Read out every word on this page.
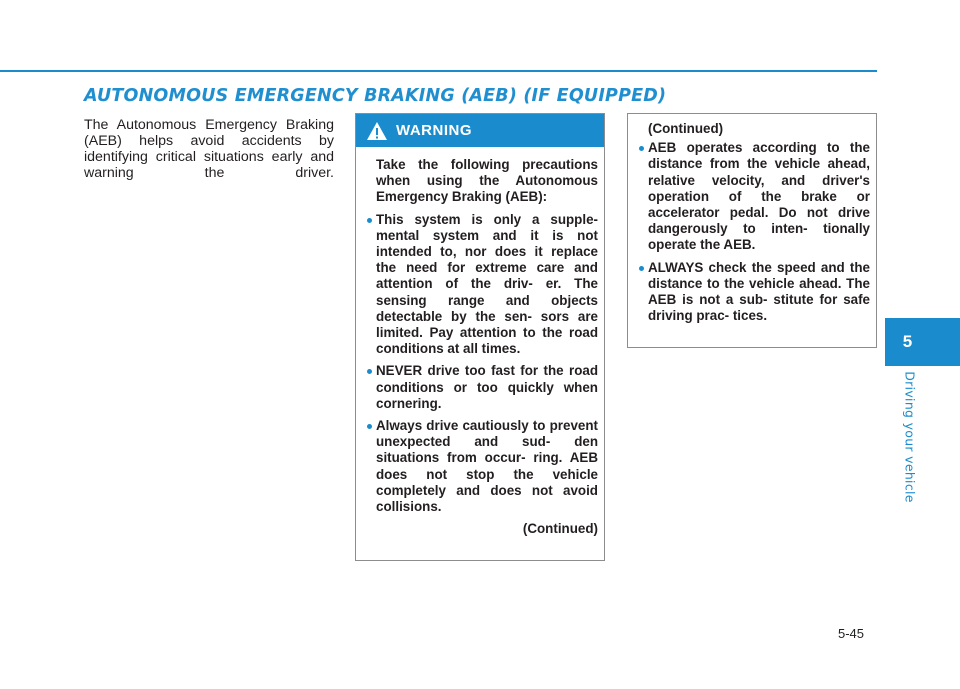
AUTONOMOUS EMERGENCY BRAKING (AEB) (IF EQUIPPED)

The Autonomous Emergency Braking (AEB) helps avoid accidents by identifying critical situations early and warning the driver.

WARNING

Take the following precautions when using the Autonomous Emergency Braking (AEB):

This system is only a supple- mental system and it is not intended to, nor does it replace the need for extreme care and attention of the driv- er. The sensing range and objects detectable by the sen- sors are limited. Pay attention to the road conditions at all times.
NEVER drive too fast for the road conditions or too quickly when cornering.
Always drive cautiously to prevent unexpected and sud- den situations from occur- ring. AEB does not stop the vehicle completely and does not avoid collisions.
(Continued)
(Continued)
AEB operates according to the distance from the vehicle ahead, relative velocity, and driver's operation of the brake or accelerator pedal. Do not drive dangerously to inten- tionally operate the AEB.
ALWAYS check the speed and the distance to the vehicle ahead. The AEB is not a sub- stitute for safe driving prac- tices.
5
Driving your vehicle
5-45
